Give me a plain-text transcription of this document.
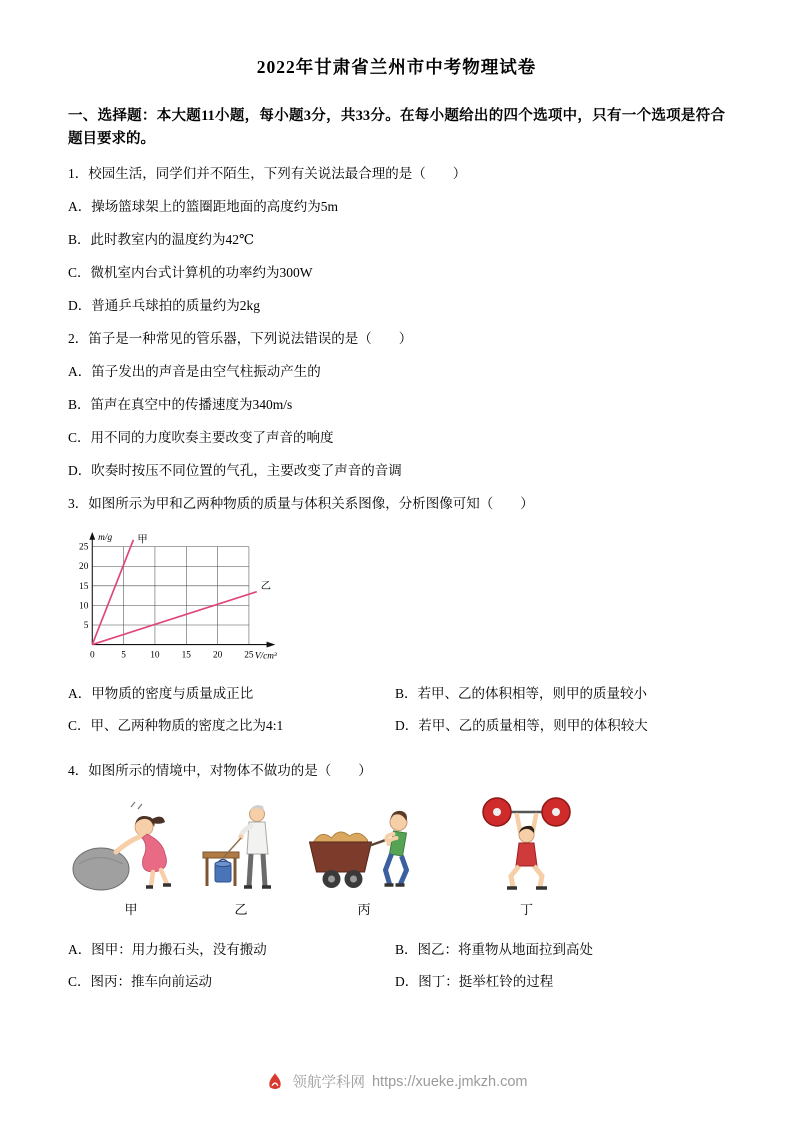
2022年甘肃省兰州市中考物理试卷

一、选择题：本大题11小题，每小题3分，共33分。在每小题给出的四个选项中，只有一个选项是符合题目要求的。

1．校园生活，同学们并不陌生，下列有关说法最合理的是（　　）

A．操场篮球架上的篮圈距地面的高度约为5m

B．此时教室内的温度约为42℃

C．微机室内台式计算机的功率约为300W

D．普通乒乓球拍的质量约为2kg

2．笛子是一种常见的管乐器，下列说法错误的是（　　）

A．笛子发出的声音是由空气柱振动产生的

B．笛声在真空中的传播速度为340m/s

C．用不同的力度吹奏主要改变了声音的响度

D．吹奏时按压不同位置的气孔，主要改变了声音的音调

3．如图所示为甲和乙两种物质的质量与体积关系图像，分析图像可知（　　）

甲
乙
m/g
V/cm³
25
20
15
10
5
0	5	10 15 20 25

A．甲物质的密度与质量成正比	B．若甲、乙的体积相等，则甲的质量较小

C．甲、乙两种物质的密度之比为4:1	D．若甲、乙的质量相等，则甲的体积较大

4．如图所示的情境中，对物体不做功的是（　　）

甲	乙	丙	丁

A．图甲：用力搬石头，没有搬动	B．图乙：将重物从地面拉到高处

C．图丙：推车向前运动	D．图丁：挺举杠铃的过程

领航学科网 https://xueke.jmkzh.com
